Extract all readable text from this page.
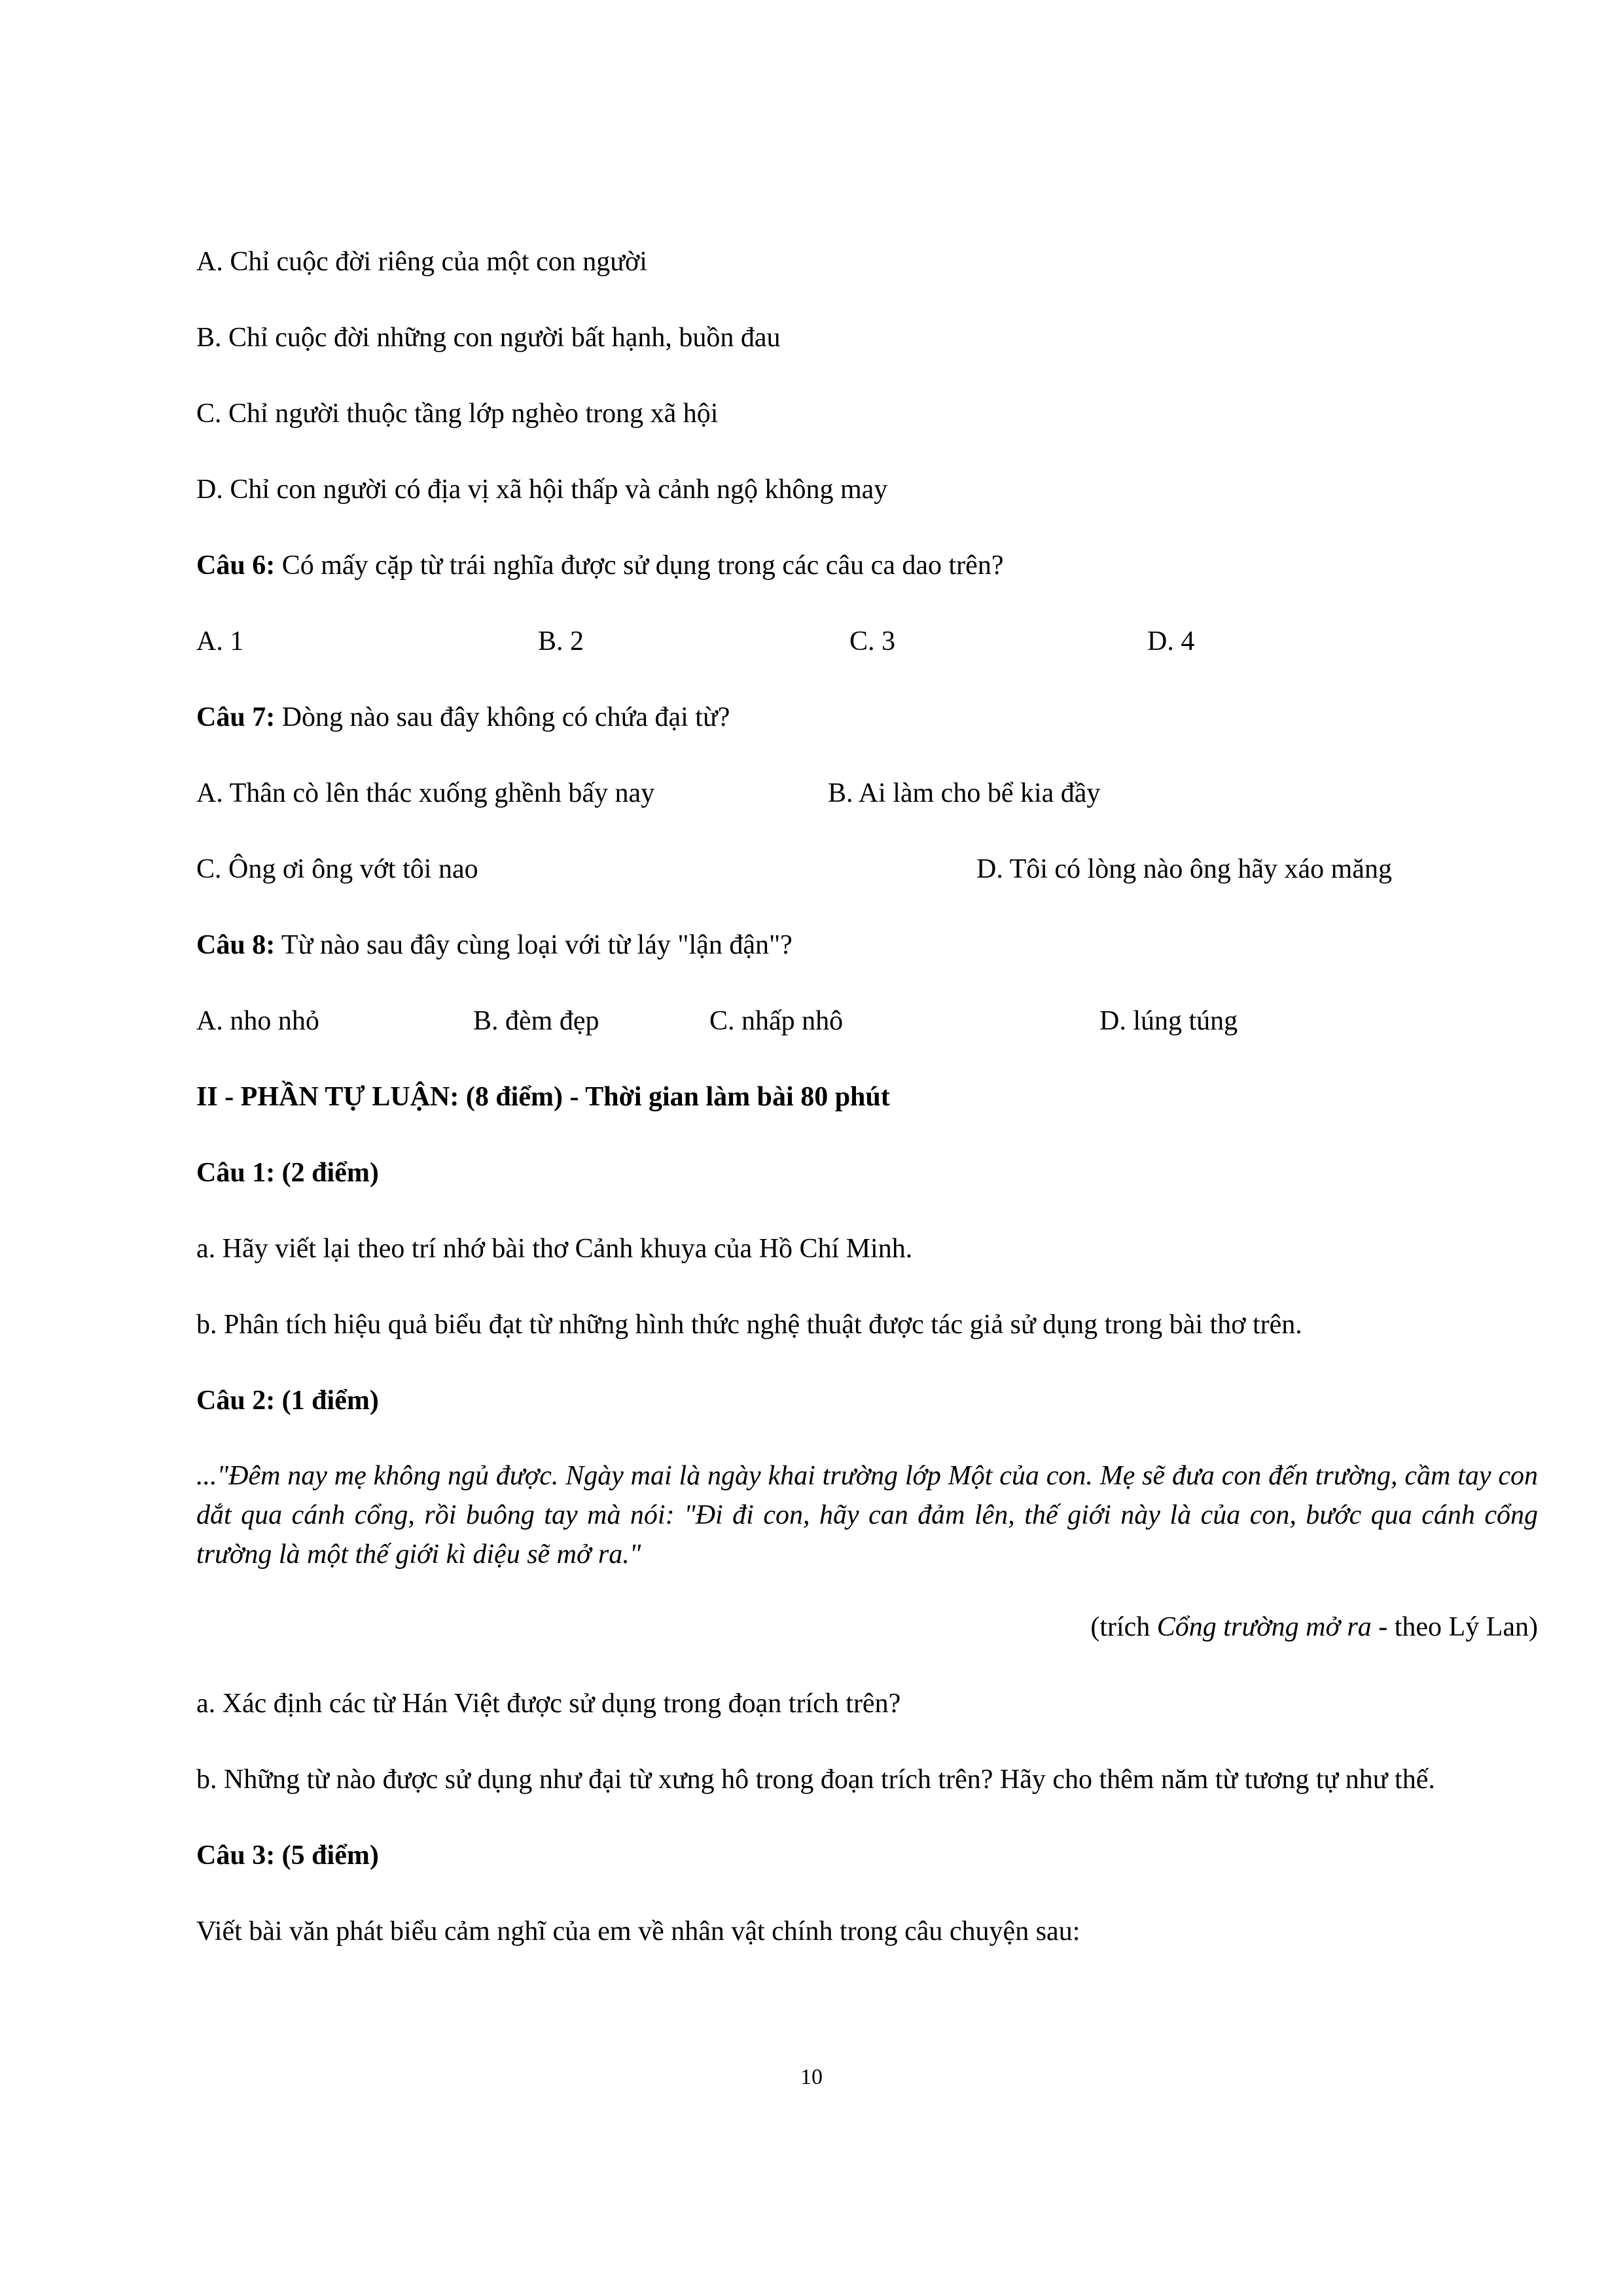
A. Chỉ cuộc đời riêng của một con người
B. Chỉ cuộc đời những con người bất hạnh, buồn đau
C. Chỉ người thuộc tầng lớp nghèo trong xã hội
D. Chỉ con người có địa vị xã hội thấp và cảnh ngộ không may
Câu 6: Có mấy cặp từ trái nghĩa được sử dụng trong các câu ca dao trên?
A. 1	B. 2	C. 3	D. 4
Câu 7: Dòng nào sau đây không có chứa đại từ?
A. Thân cò lên thác xuống ghềnh bấy nay	B. Ai làm cho bể kia đầy
C. Ông ơi ông vớt tôi nao	D. Tôi có lòng nào ông hãy xáo măng
Câu 8: Từ nào sau đây cùng loại với từ láy "lận đận"?
A. nho nhỏ	B. đèm đẹp	C. nhấp nhô	D. lúng túng
II - PHẦN TỰ LUẬN: (8 điểm) - Thời gian làm bài 80 phút
Câu 1: (2 điểm)
a. Hãy viết lại theo trí nhớ bài thơ Cảnh khuya của Hồ Chí Minh.
b. Phân tích hiệu quả biểu đạt từ những hình thức nghệ thuật được tác giả sử dụng trong bài thơ trên.
Câu 2: (1 điểm)
..."Đêm nay mẹ không ngủ được. Ngày mai là ngày khai trường lớp Một của con. Mẹ sẽ đưa con đến trường, cầm tay con dắt qua cánh cổng, rồi buông tay mà nói: "Đi đi con, hãy can đảm lên, thế giới này là của con, bước qua cánh cổng trường là một thế giới kì diệu sẽ mở ra."
(trích Cổng trường mở ra - theo Lý Lan)
a. Xác định các từ Hán Việt được sử dụng trong đoạn trích trên?
b. Những từ nào được sử dụng như đại từ xưng hô trong đoạn trích trên? Hãy cho thêm năm từ tương tự như thế.
Câu 3: (5 điểm)
Viết bài văn phát biểu cảm nghĩ của em về nhân vật chính trong câu chuyện sau:
10
